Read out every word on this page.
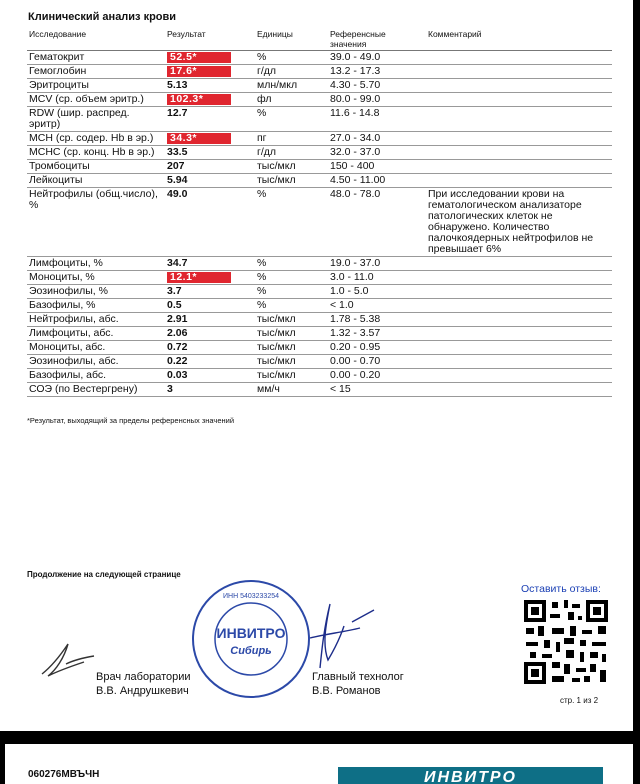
Клинический анализ крови
Исследование	Результат	Единицы	Референсные значения	Комментарий
Гематокрит	52.5*	%	39.0 - 49.0	
Гемоглобин	17.6*	г/дл	13.2 - 17.3	
Эритроциты	5.13	млн/мкл	4.30 - 5.70	
MCV (ср. объем эритр.)	102.3*	фл	80.0 - 99.0	
RDW (шир. распред. эритр)	12.7	%	11.6 - 14.8	
MCH (ср. содер. Hb в эр.)	34.3*	пг	27.0 - 34.0	
MCHC (ср. конц. Hb в эр.)	33.5	г/дл	32.0 - 37.0	
Тромбоциты	207	тыс/мкл	150 - 400	
Лейкоциты	5.94	тыс/мкл	4.50 - 11.00	
Нейтрофилы (общ.число), %	49.0	%	48.0 - 78.0	При исследовании крови на гематологическом анализаторе патологических клеток не обнаружено. Количество палочкоядерных нейтрофилов не превышает 6%
Лимфоциты, %	34.7	%	19.0 - 37.0	
Моноциты, %	12.1*	%	3.0 - 11.0	
Эозинофилы, %	3.7	%	1.0 - 5.0	
Базофилы, %	0.5	%	< 1.0	
Нейтрофилы, абс.	2.91	тыс/мкл	1.78 - 5.38	
Лимфоциты, абс.	2.06	тыс/мкл	1.32 - 3.57	
Моноциты, абс.	0.72	тыс/мкл	0.20 - 0.95	
Эозинофилы, абс.	0.22	тыс/мкл	0.00 - 0.70	
Базофилы, абс.	0.03	тыс/мкл	0.00 - 0.20	
СОЭ (по Вестергрену)	3	мм/ч	< 15	
*Результат, выходящий за пределы референсных значений
Продолжение на следующей странице
Врач лаборатории
В.В. Андрушкевич
ИНН 5403233254
ИНВИТРО
Сибирь
Главный технолог
В.В. Романов
Оставить отзыв:
стр. 1 из 2
060276МВЪЧН	ИНВИТРО
